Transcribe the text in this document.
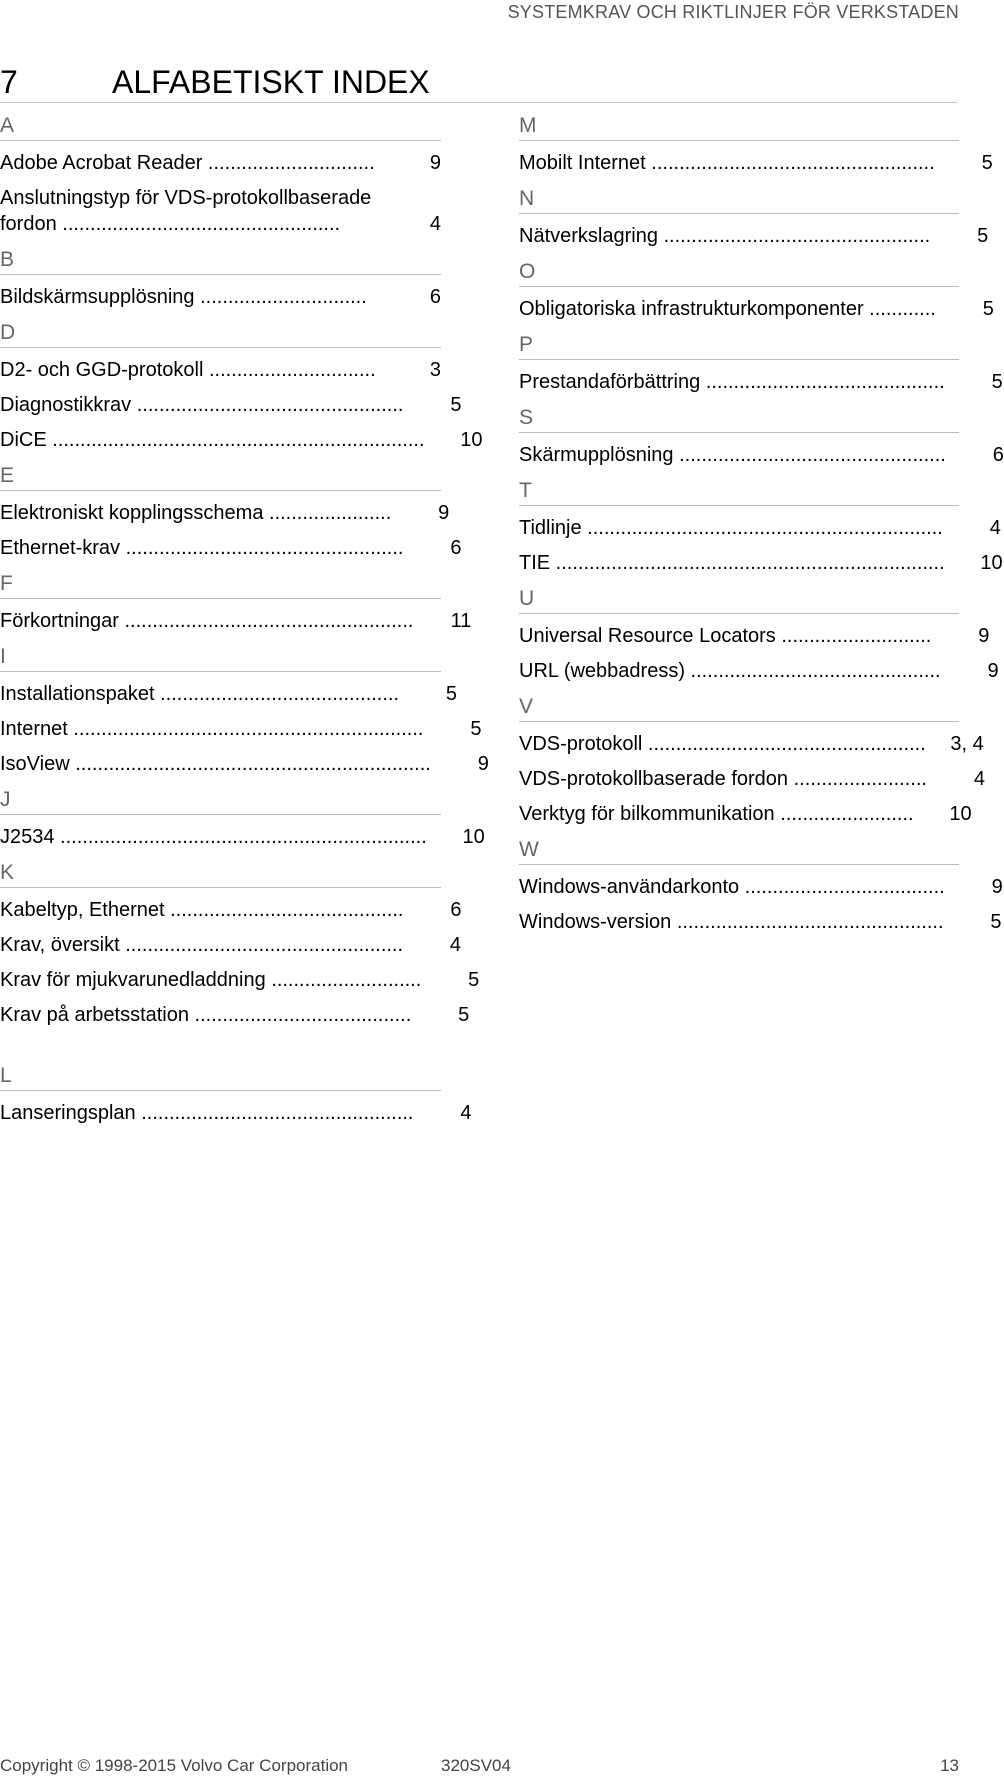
SYSTEMKRAV OCH RIKTLINJER FÖR VERKSTADEN
7	ALFABETISKT INDEX
A
Adobe Acrobat Reader ..............................	9
Anslutningstyp för VDS-protokollbaserade fordon ..................................................	4
B
Bildskärmsupplösning ..............................	6
D
D2- och GGD-protokoll ..............................	3
Diagnostikkrav ................................................	5
DiCE ...................................................................	10
E
Elektroniskt kopplingsschema ......................	9
Ethernet-krav ..................................................	6
F
Förkortningar ....................................................	11
I
Installationspaket ...........................................	5
Internet ...............................................................	5
IsoView ................................................................	9
J
J2534 ..................................................................	10
K
Kabeltyp, Ethernet ..........................................	6
Krav, översikt ..................................................	4
Krav för mjukvarunedladdning ...........................	5
Krav på arbetsstation .......................................	5
L
Lanseringsplan .................................................	4
M
Mobilt Internet ...................................................	5
N
Nätverkslagring ................................................	5
O
Obligatoriska infrastrukturkomponenter ............	5
P
Prestandaförbättring ...........................................	5
S
Skärmupplösning ................................................	6
T
Tidlinje ................................................................	4
TIE ......................................................................	10
U
Universal Resource Locators ...........................	9
URL (webbadress) .............................................	9
V
VDS-protokoll ..................................................	3, 4
VDS-protokollbaserade fordon ........................	4
Verktyg för bilkommunikation ........................	10
W
Windows-användarkonto ....................................	9
Windows-version ................................................	5
Copyright © 1998-2015 Volvo Car Corporation	320SV04	13
